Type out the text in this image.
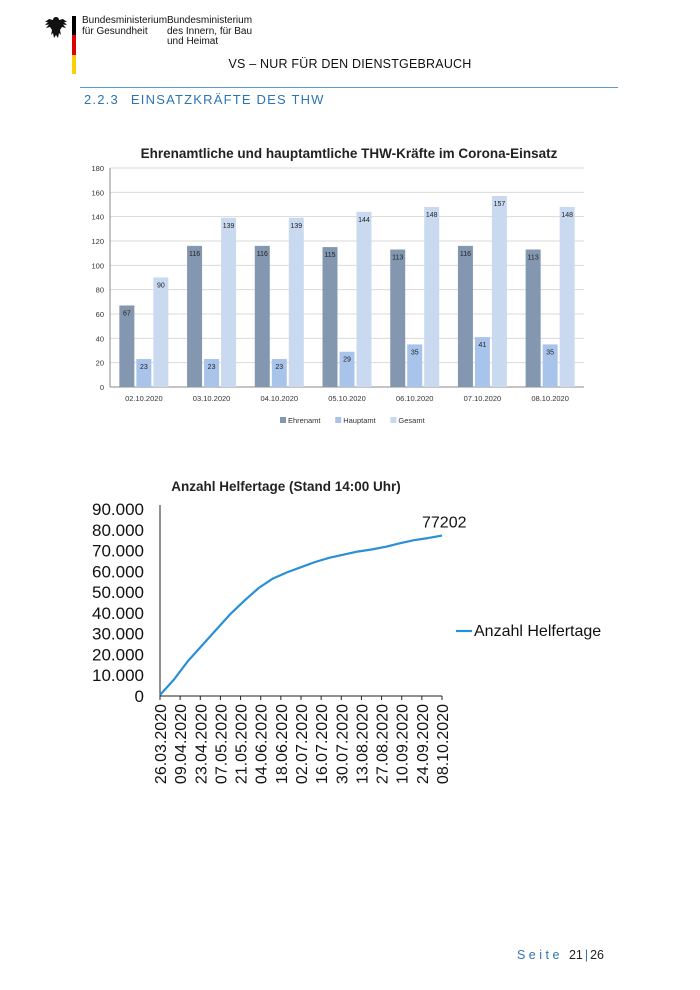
Bundesministerium
für Gesundheit
Bundesministerium
des Innern, für Bau
und Heimat
VS – NUR FÜR DEN DIENSTGEBRAUCH
2.2.3 EINSATZKRÄFTE DES THW
Ehrenamtliche und hauptamtliche THW-Kräfte im Corona-Einsatz
0
20
40
60
80
100
120
140
160
180
02.10.2020
67
23
90
03.10.2020
116
23
139
04.10.2020
116
23
139
05.10.2020
115
29
144
06.10.2020
113
35
148
07.10.2020
116
41
157
08.10.2020
113
35
148
Ehrenamt	Hauptamt	Gesamt
Anzahl Helfertage (Stand 14:00 Uhr)
0
10.000
20.000
30.000
40.000
50.000
60.000
70.000
80.000
90.000
26.03.2020 09.04.2020 23.04.2020 07.05.2020 21.05.2020 04.06.2020 18.06.2020 02.07.2020 16.07.2020 30.07.2020 13.08.2020 27.08.2020 10.09.2020 24.09.2020 08.10.2020
77202
Anzahl Helfertage
Seite 21 | 26
